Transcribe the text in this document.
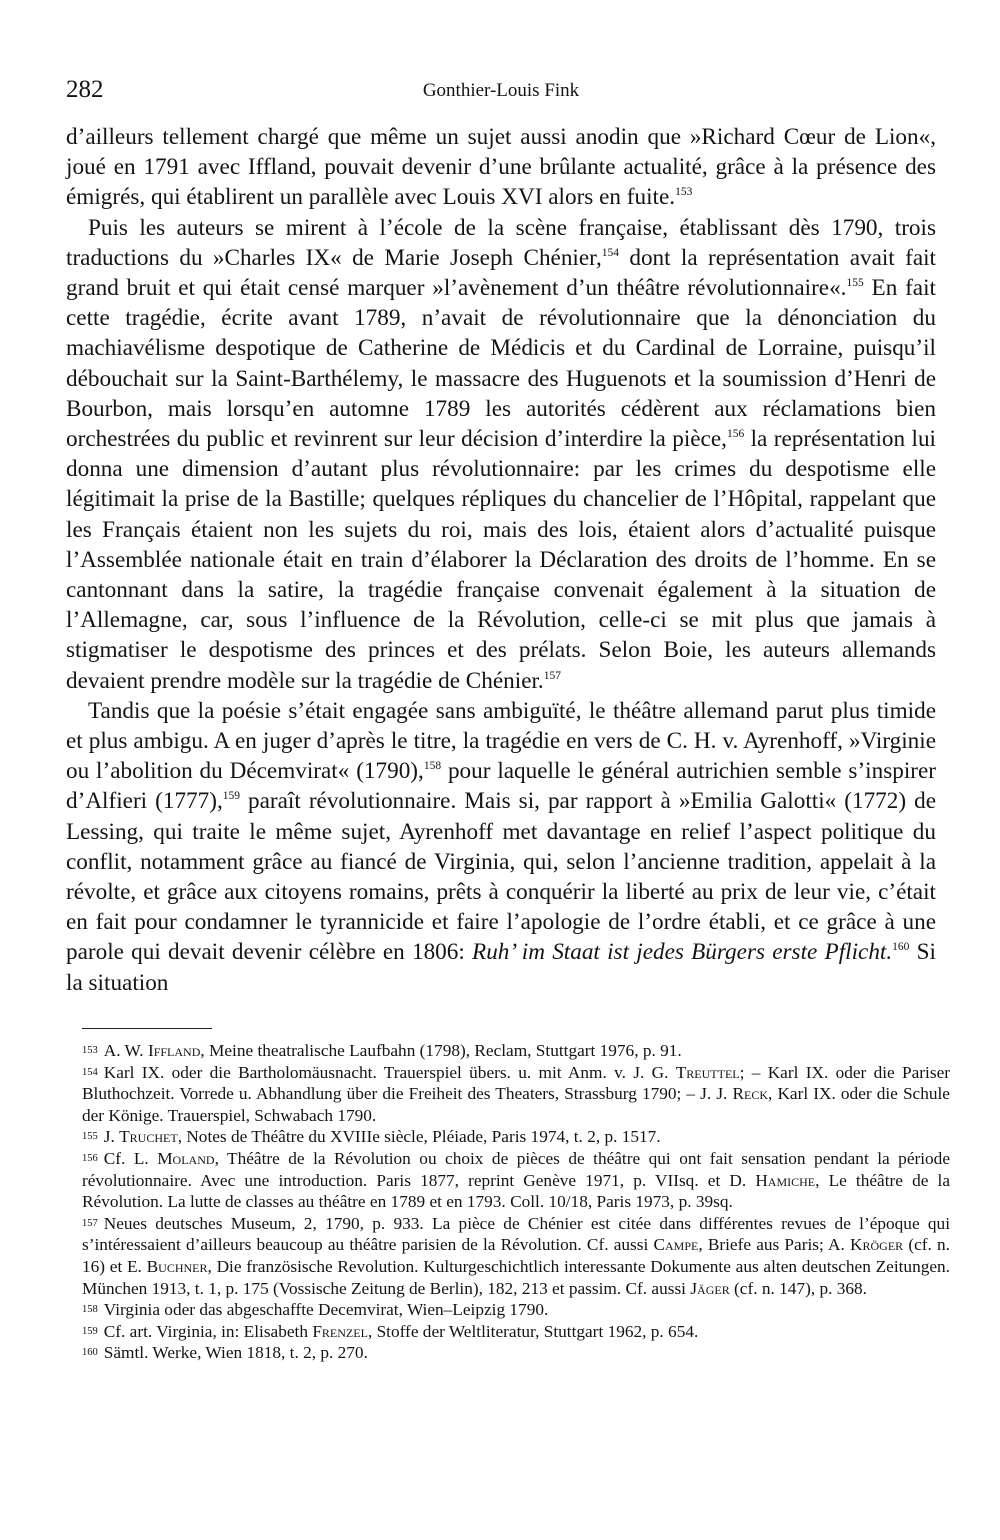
282	Gonthier-Louis Fink

d’ailleurs tellement chargé que même un sujet aussi anodin que »Richard Cœur de Lion«, joué en 1791 avec Iffland, pouvait devenir d’une brûlante actualité, grâce à la présence des émigrés, qui établirent un parallèle avec Louis XVI alors en fuite.$^{153}$

Puis les auteurs se mirent à l’école de la scène française, établissant dès 1790, trois traductions du »Charles IX« de Marie Joseph Chénier,$^{154}$ dont la représentation avait fait grand bruit et qui était censé marquer »l’avènement d’un théâtre révolutionnaire«.$^{155}$ En fait cette tragédie, écrite avant 1789, n’avait de révolutionnaire que la dénonciation du machiavélisme despotique de Catherine de Médicis et du Cardinal de Lorraine, puisqu’il débouchait sur la Saint-Barthélemy, le massacre des Huguenots et la soumission d’Henri de Bourbon, mais lorsqu’en automne 1789 les autorités cédèrent aux réclamations bien orchestrées du public et revinrent sur leur décision d’interdire la pièce,$^{156}$ la représentation lui donna une dimension d’autant plus révolutionnaire: par les crimes du despotisme elle légitimait la prise de la Bastille; quelques répliques du chancelier de l’Hôpital, rappelant que les Français étaient non les sujets du roi, mais des lois, étaient alors d’actualité puisque l’Assemblée nationale était en train d’élaborer la Déclaration des droits de l’homme. En se cantonnant dans la satire, la tragédie française convenait également à la situation de l’Allemagne, car, sous l’influence de la Révolution, celle-ci se mit plus que jamais à stigmatiser le despotisme des princes et des prélats. Selon Boie, les auteurs allemands devaient prendre modèle sur la tragédie de Chénier.$^{157}$

Tandis que la poésie s’était engagée sans ambiguïté, le théâtre allemand parut plus timide et plus ambigu. A en juger d’après le titre, la tragédie en vers de C. H. v. Ayrenhoff, »Virginie ou l’abolition du Décemvirat« (1790),$^{158}$ pour laquelle le général autrichien semble s’inspirer d’Alfieri (1777),$^{159}$ paraît révolutionnaire. Mais si, par rapport à »Emilia Galotti« (1772) de Lessing, qui traite le même sujet, Ayrenhoff met davantage en relief l’aspect politique du conflit, notamment grâce au fiancé de Virginia, qui, selon l’ancienne tradition, appelait à la révolte, et grâce aux citoyens romains, prêts à conquérir la liberté au prix de leur vie, c’était en fait pour condamner le tyrannicide et faire l’apologie de l’ordre établi, et ce grâce à une parole qui devait devenir célèbre en 1806: Ruh’ im Staat ist jedes Bürgers erste Pflicht.$^{160}$ Si la situation

153 A. W. Iffland, Meine theatralische Laufbahn (1798), Reclam, Stuttgart 1976, p. 91.
154 Karl IX. oder die Bartholomäusnacht. Trauerspiel übers. u. mit Anm. v. J. G. Treuttel; – Karl IX. oder die Pariser Bluthochzeit. Vorrede u. Abhandlung über die Freiheit des Theaters, Strassburg 1790; – J. J. Reck, Karl IX. oder die Schule der Könige. Trauerspiel, Schwabach 1790.
155 J. Truchet, Notes de Théâtre du XVIIIe siècle, Pléiade, Paris 1974, t. 2, p. 1517.
156 Cf. L. Moland, Théâtre de la Révolution ou choix de pièces de théâtre qui ont fait sensation pendant la période révolutionnaire. Avec une introduction. Paris 1877, reprint Genève 1971, p. VIIsq. et D. Hamiche, Le théâtre de la Révolution. La lutte de classes au théâtre en 1789 et en 1793. Coll. 10/18, Paris 1973, p. 39sq.
157 Neues deutsches Museum, 2, 1790, p. 933. La pièce de Chénier est citée dans différentes revues de l’époque qui s’intéressaient d’ailleurs beaucoup au théâtre parisien de la Révolution. Cf. aussi Campe, Briefe aus Paris; A. Kröger (cf. n. 16) et E. Buchner, Die französische Revolution. Kulturgeschichtlich interessante Dokumente aus alten deutschen Zeitungen. München 1913, t. 1, p. 175 (Vossische Zeitung de Berlin), 182, 213 et passim. Cf. aussi Jäger (cf. n. 147), p. 368.
158 Virginia oder das abgeschaffte Decemvirat, Wien–Leipzig 1790.
159 Cf. art. Virginia, in: Elisabeth Frenzel, Stoffe der Weltliteratur, Stuttgart 1962, p. 654.
160 Sämtl. Werke, Wien 1818, t. 2, p. 270.
